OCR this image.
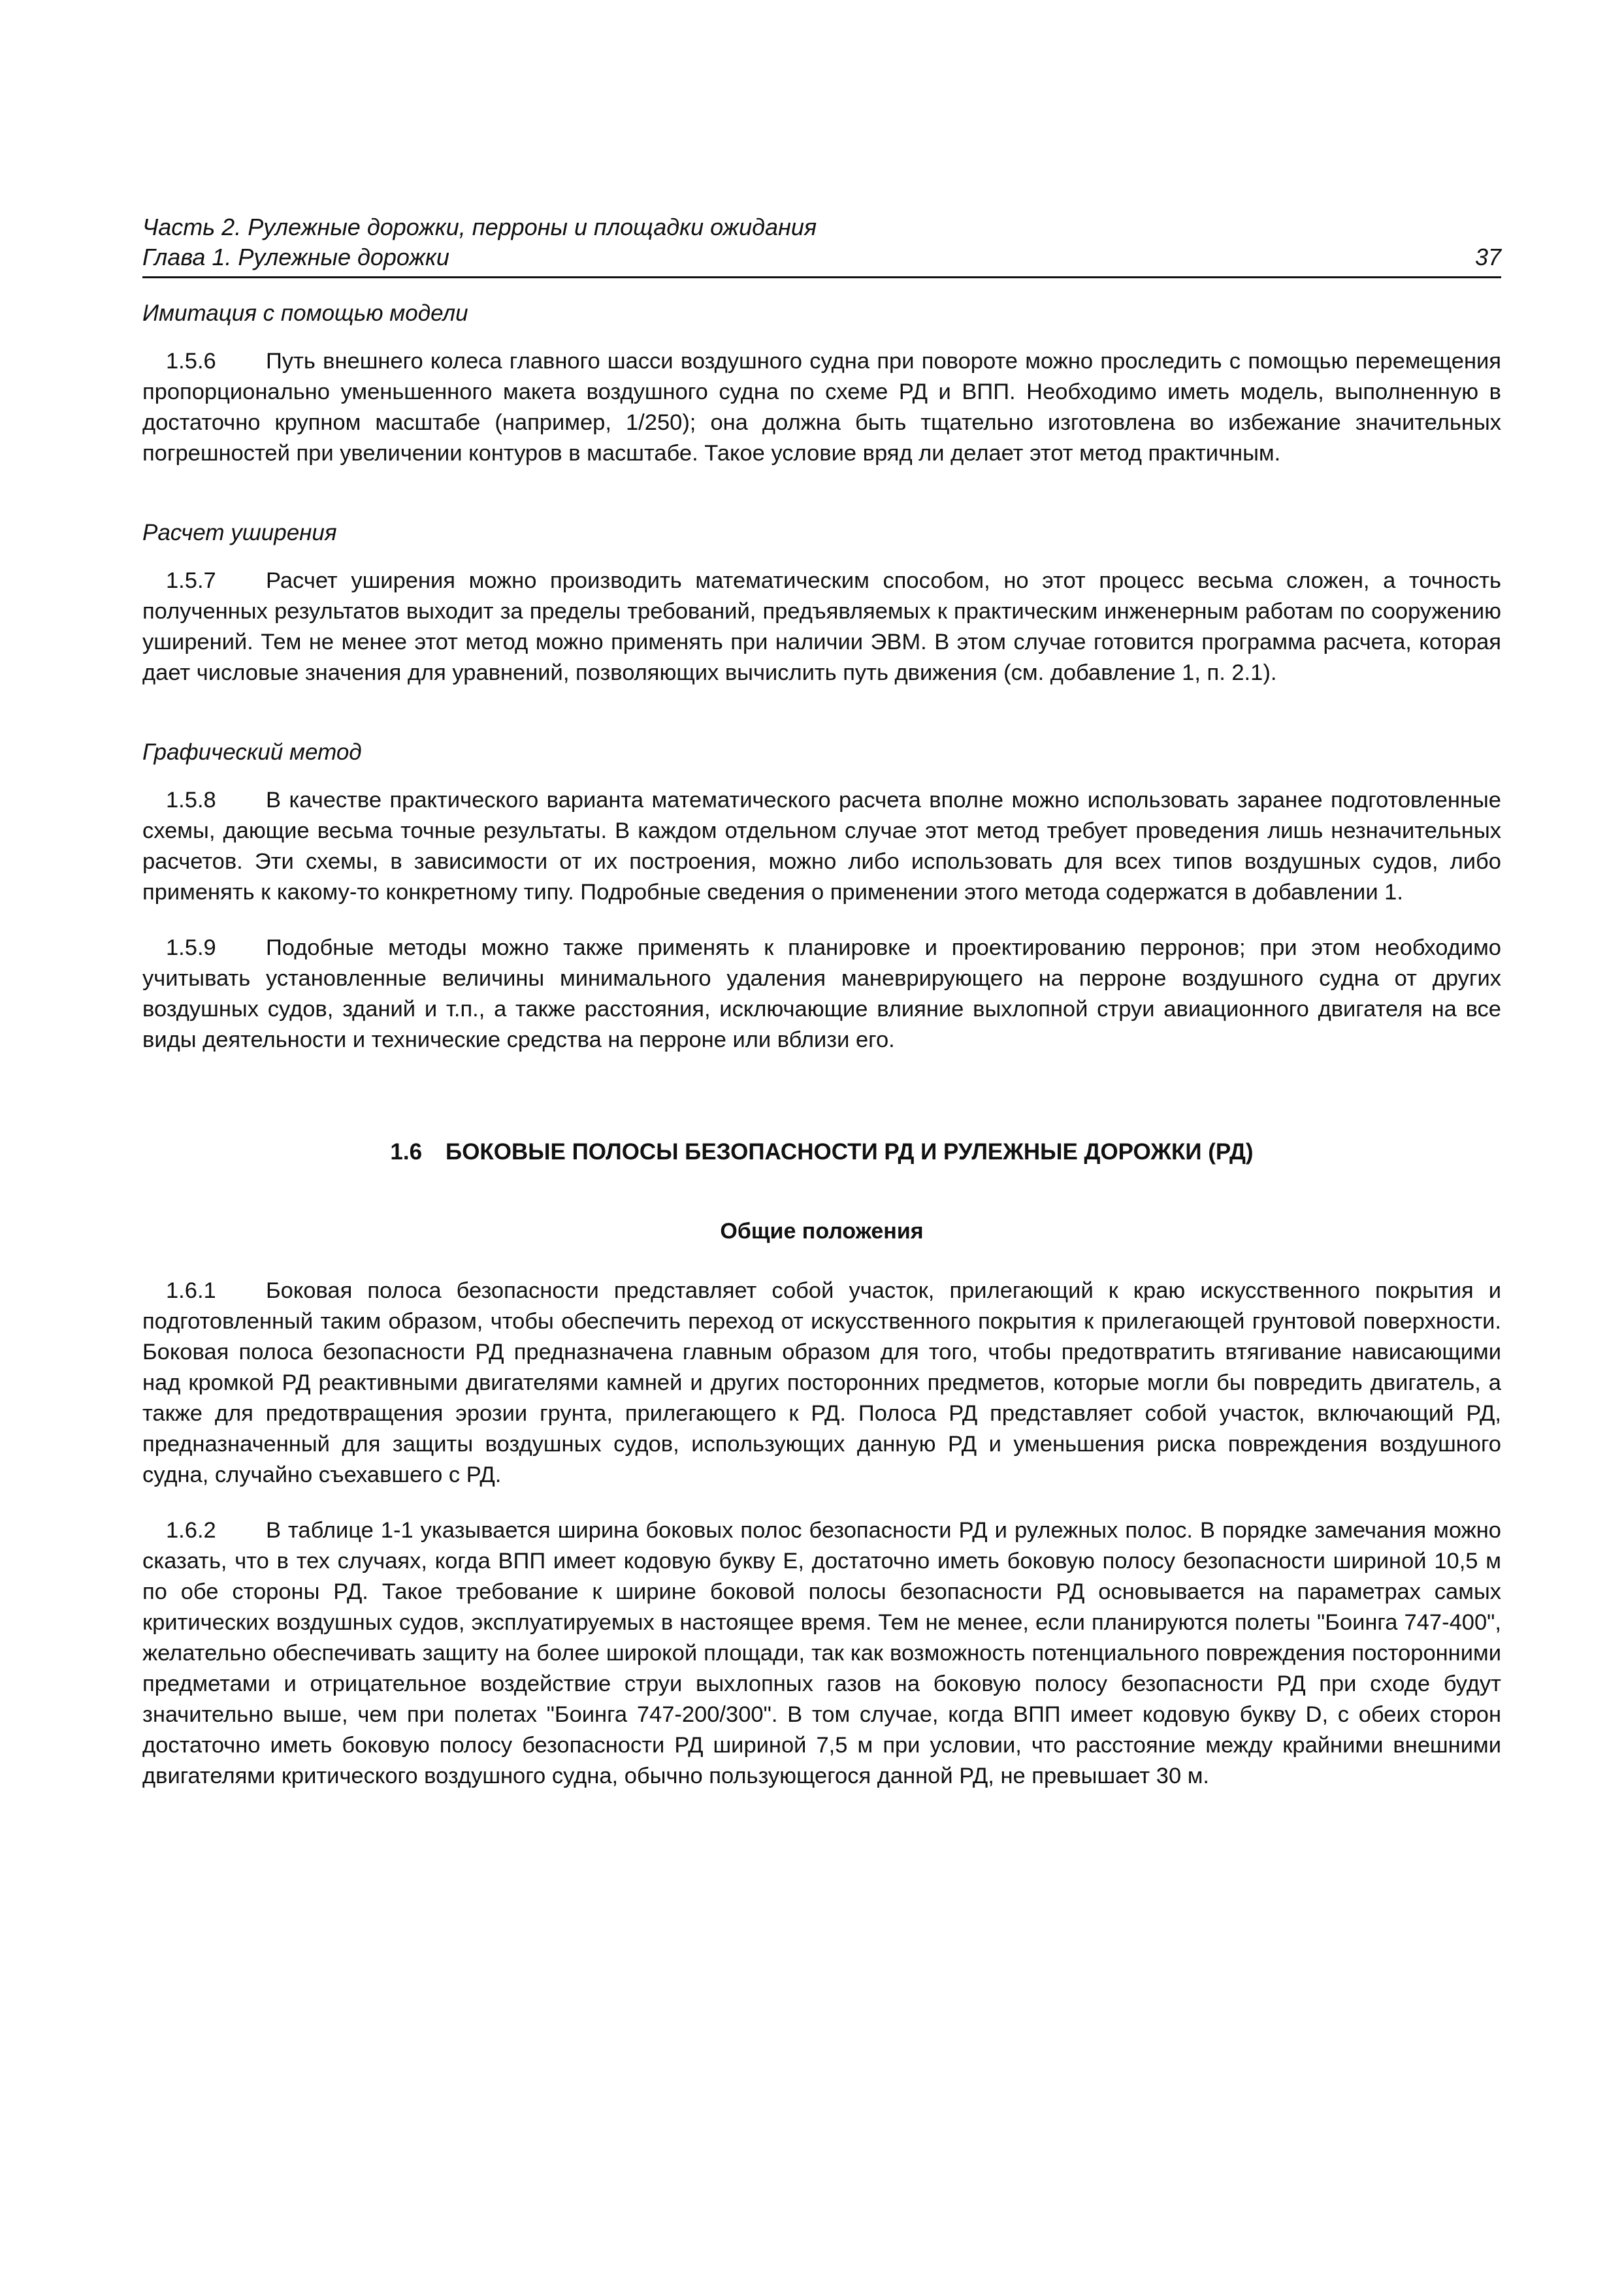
Часть 2. Рулежные дорожки, перроны и площадки ожидания
Глава 1. Рулежные дорожки	37

Имитация с помощью модели

1.5.6 Путь внешнего колеса главного шасси воздушного судна при повороте можно проследить с помощью перемещения пропорционально уменьшенного макета воздушного судна по схеме РД и ВПП. Необходимо иметь модель, выполненную в достаточно крупном масштабе (например, 1/250); она должна быть тщательно изготовлена во избежание значительных погрешностей при увеличении контуров в масштабе. Такое условие вряд ли делает этот метод практичным.

Расчет уширения

1.5.7 Расчет уширения можно производить математическим способом, но этот процесс весьма сложен, а точность полученных результатов выходит за пределы требований, предъявляемых к практическим инженерным работам по сооружению уширений. Тем не менее этот метод можно применять при наличии ЭВМ. В этом случае готовится программа расчета, которая дает числовые значения для уравнений, позволяющих вычислить путь движения (см. добавление 1, п. 2.1).

Графический метод

1.5.8 В качестве практического варианта математического расчета вполне можно использовать заранее подготовленные схемы, дающие весьма точные результаты. В каждом отдельном случае этот метод требует проведения лишь незначительных расчетов. Эти схемы, в зависимости от их построения, можно либо использовать для всех типов воздушных судов, либо применять к какому-то конкретному типу. Подробные сведения о применении этого метода содержатся в добавлении 1.

1.5.9 Подобные методы можно также применять к планировке и проектированию перронов; при этом необходимо учитывать установленные величины минимального удаления маневрирующего на перроне воздушного судна от других воздушных судов, зданий и т.п., а также расстояния, исключающие влияние выхлопной струи авиационного двигателя на все виды деятельности и технические средства на перроне или вблизи его.

1.6 БОКОВЫЕ ПОЛОСЫ БЕЗОПАСНОСТИ РД И РУЛЕЖНЫЕ ДОРОЖКИ (РД)

Общие положения

1.6.1 Боковая полоса безопасности представляет собой участок, прилегающий к краю искусственного покрытия и подготовленный таким образом, чтобы обеспечить переход от искусственного покрытия к прилегающей грунтовой поверхности. Боковая полоса безопасности РД предназначена главным образом для того, чтобы предотвратить втягивание нависающими над кромкой РД реактивными двигателями камней и других посторонних предметов, которые могли бы повредить двигатель, а также для предотвращения эрозии грунта, прилегающего к РД. Полоса РД представляет собой участок, включающий РД, предназначенный для защиты воздушных судов, использующих данную РД и уменьшения риска повреждения воздушного судна, случайно съехавшего с РД.

1.6.2 В таблице 1-1 указывается ширина боковых полос безопасности РД и рулежных полос. В порядке замечания можно сказать, что в тех случаях, когда ВПП имеет кодовую букву Е, достаточно иметь боковую полосу безопасности шириной 10,5 м по обе стороны РД. Такое требование к ширине боковой полосы безопасности РД основывается на параметрах самых критических воздушных судов, эксплуатируемых в настоящее время. Тем не менее, если планируются полеты "Боинга 747-400", желательно обеспечивать защиту на более широкой площади, так как возможность потенциального повреждения посторонними предметами и отрицательное воздействие струи выхлопных газов на боковую полосу безопасности РД при сходе будут значительно выше, чем при полетах "Боинга 747-200/300". В том случае, когда ВПП имеет кодовую букву D, с обеих сторон достаточно иметь боковую полосу безопасности РД шириной 7,5 м при условии, что расстояние между крайними внешними двигателями критического воздушного судна, обычно пользующегося данной РД, не превышает 30 м.
